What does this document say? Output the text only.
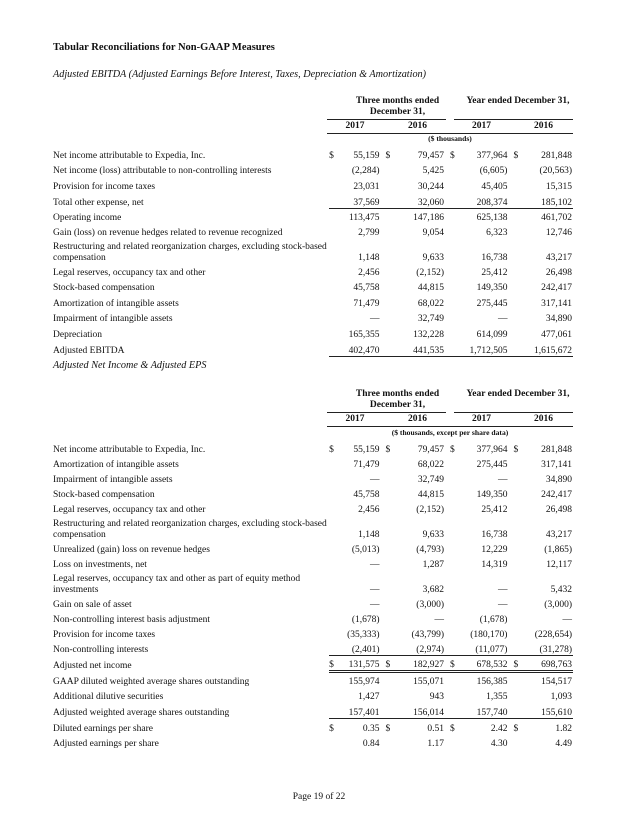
Tabular Reconciliations for Non-GAAP Measures
Adjusted EBITDA (Adjusted Earnings Before Interest, Taxes, Depreciation & Amortization)
Three months ended December 31,
Year ended December 31,
2017	2016	2017	2016
($ thousands)
Net income attributable to Expedia, Inc.	$	55,159	$	79,457	$	377,964	$	281,848
Net income (loss) attributable to non-controlling interests		(2,284)		5,425		(6,605)		(20,563)
Provision for income taxes		23,031		30,244		45,405		15,315
Total other expense, net		37,569		32,060		208,374		185,102
Operating income		113,475		147,186		625,138		461,702
Gain (loss) on revenue hedges related to revenue recognized		2,799		9,054		6,323		12,746
Restructuring and related reorganization charges, excluding stock-based compensation		1,148		9,633		16,738		43,217
Legal reserves, occupancy tax and other		2,456		(2,152)		25,412		26,498
Stock-based compensation		45,758		44,815		149,350		242,417
Amortization of intangible assets		71,479		68,022		275,445		317,141
Impairment of intangible assets		—		32,749		—		34,890
Depreciation		165,355		132,228		614,099		477,061
Adjusted EBITDA		402,470		441,535		1,712,505		1,615,672
Adjusted Net Income & Adjusted EPS
Three months ended December 31,
Year ended December 31,
2017	2016	2017	2016
($ thousands, except per share data)
Net income attributable to Expedia, Inc.	$	55,159	$	79,457	$	377,964	$	281,848
Amortization of intangible assets		71,479		68,022		275,445		317,141
Impairment of intangible assets		—		32,749		—		34,890
Stock-based compensation		45,758		44,815		149,350		242,417
Legal reserves, occupancy tax and other		2,456		(2,152)		25,412		26,498
Restructuring and related reorganization charges, excluding stock-based compensation		1,148		9,633		16,738		43,217
Unrealized (gain) loss on revenue hedges		(5,013)		(4,793)		12,229		(1,865)
Loss on investments, net		—		1,287		14,319		12,117
Legal reserves, occupancy tax and other as part of equity method investments		—		3,682		—		5,432
Gain on sale of asset		—		(3,000)		—		(3,000)
Non-controlling interest basis adjustment		(1,678)		—		(1,678)		—
Provision for income taxes		(35,333)		(43,799)		(180,170)		(228,654)
Non-controlling interests		(2,401)		(2,974)		(11,077)		(31,278)
Adjusted net income	$	131,575	$	182,927	$	678,532	$	698,763
GAAP diluted weighted average shares outstanding		155,974		155,071		156,385		154,517
Additional dilutive securities		1,427		943		1,355		1,093
Adjusted weighted average shares outstanding		157,401		156,014		157,740		155,610
Diluted earnings per share	$	0.35	$	0.51	$	2.42	$	1.82
Adjusted earnings per share		0.84		1.17		4.30		4.49
Page 19 of 22
